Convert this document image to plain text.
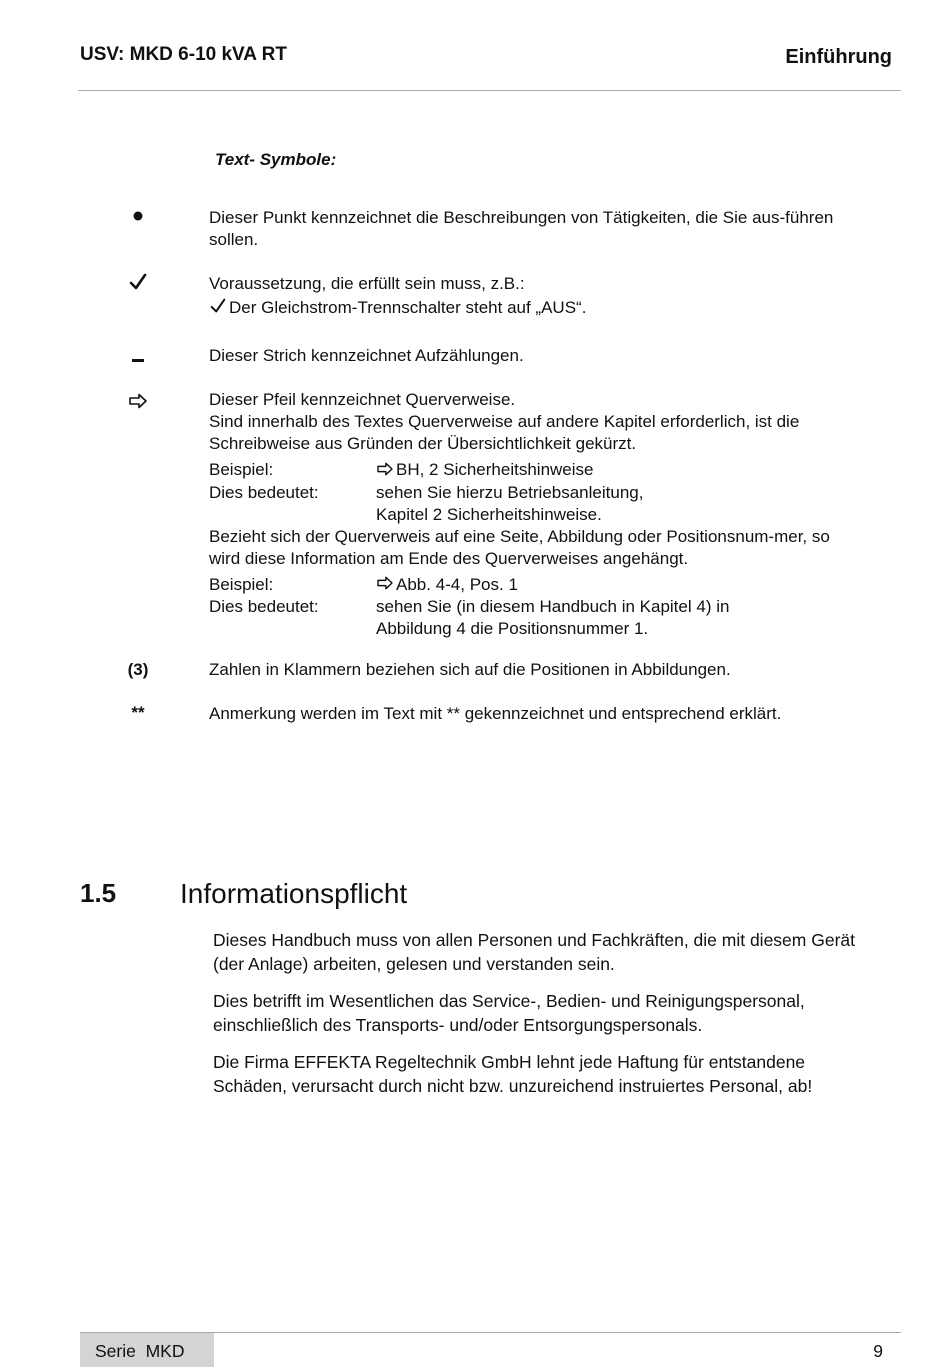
USV: MKD 6-10 kVA RT	Einführung
Text- Symbole:
Dieser Punkt kennzeichnet die Beschreibungen von Tätigkeiten, die Sie aus-führen sollen.

Voraussetzung, die erfüllt sein muss, z.B.:

Der Gleichstrom-Trennschalter steht auf „AUS“.

Dieser Strich kennzeichnet Aufzählungen.

Dieser Pfeil kennzeichnet Querverweise.

Sind innerhalb des Textes Querverweise auf andere Kapitel erforderlich, ist die Schreibweise aus Gründen der Übersichtlichkeit gekürzt.

Beispiel:	BH, 2 Sicherheitshinweise
Dies bedeutet:	sehen Sie hierzu Betriebsanleitung,
Kapitel 2 Sicherheitshinweise.

Bezieht sich der Querverweis auf eine Seite, Abbildung oder Positionsnum-mer, so wird diese Information am Ende des Querverweises angehängt.

Beispiel:	Abb. 4-4, Pos. 1
Dies bedeutet:	sehen Sie (in diesem Handbuch in Kapitel 4) in
Abbildung 4 die Positionsnummer 1.
(3)	Zahlen in Klammern beziehen sich auf die Positionen in Abbildungen.
**	Anmerkung werden im Text mit ** gekennzeichnet und entsprechend erklärt.
1.5 Informationspflicht

Dieses Handbuch muss von allen Personen und Fachkräften, die mit diesem Gerät (der Anlage) arbeiten, gelesen und verstanden sein.

Dies betrifft im Wesentlichen das Service-, Bedien- und Reinigungspersonal, einschließlich des Transports- und/oder Entsorgungspersonals.

Die Firma EFFEKTA Regeltechnik GmbH lehnt jede Haftung für entstandene Schäden, verursacht durch nicht bzw. unzureichend instruiertes Personal, ab!

Serie  MKD	9
